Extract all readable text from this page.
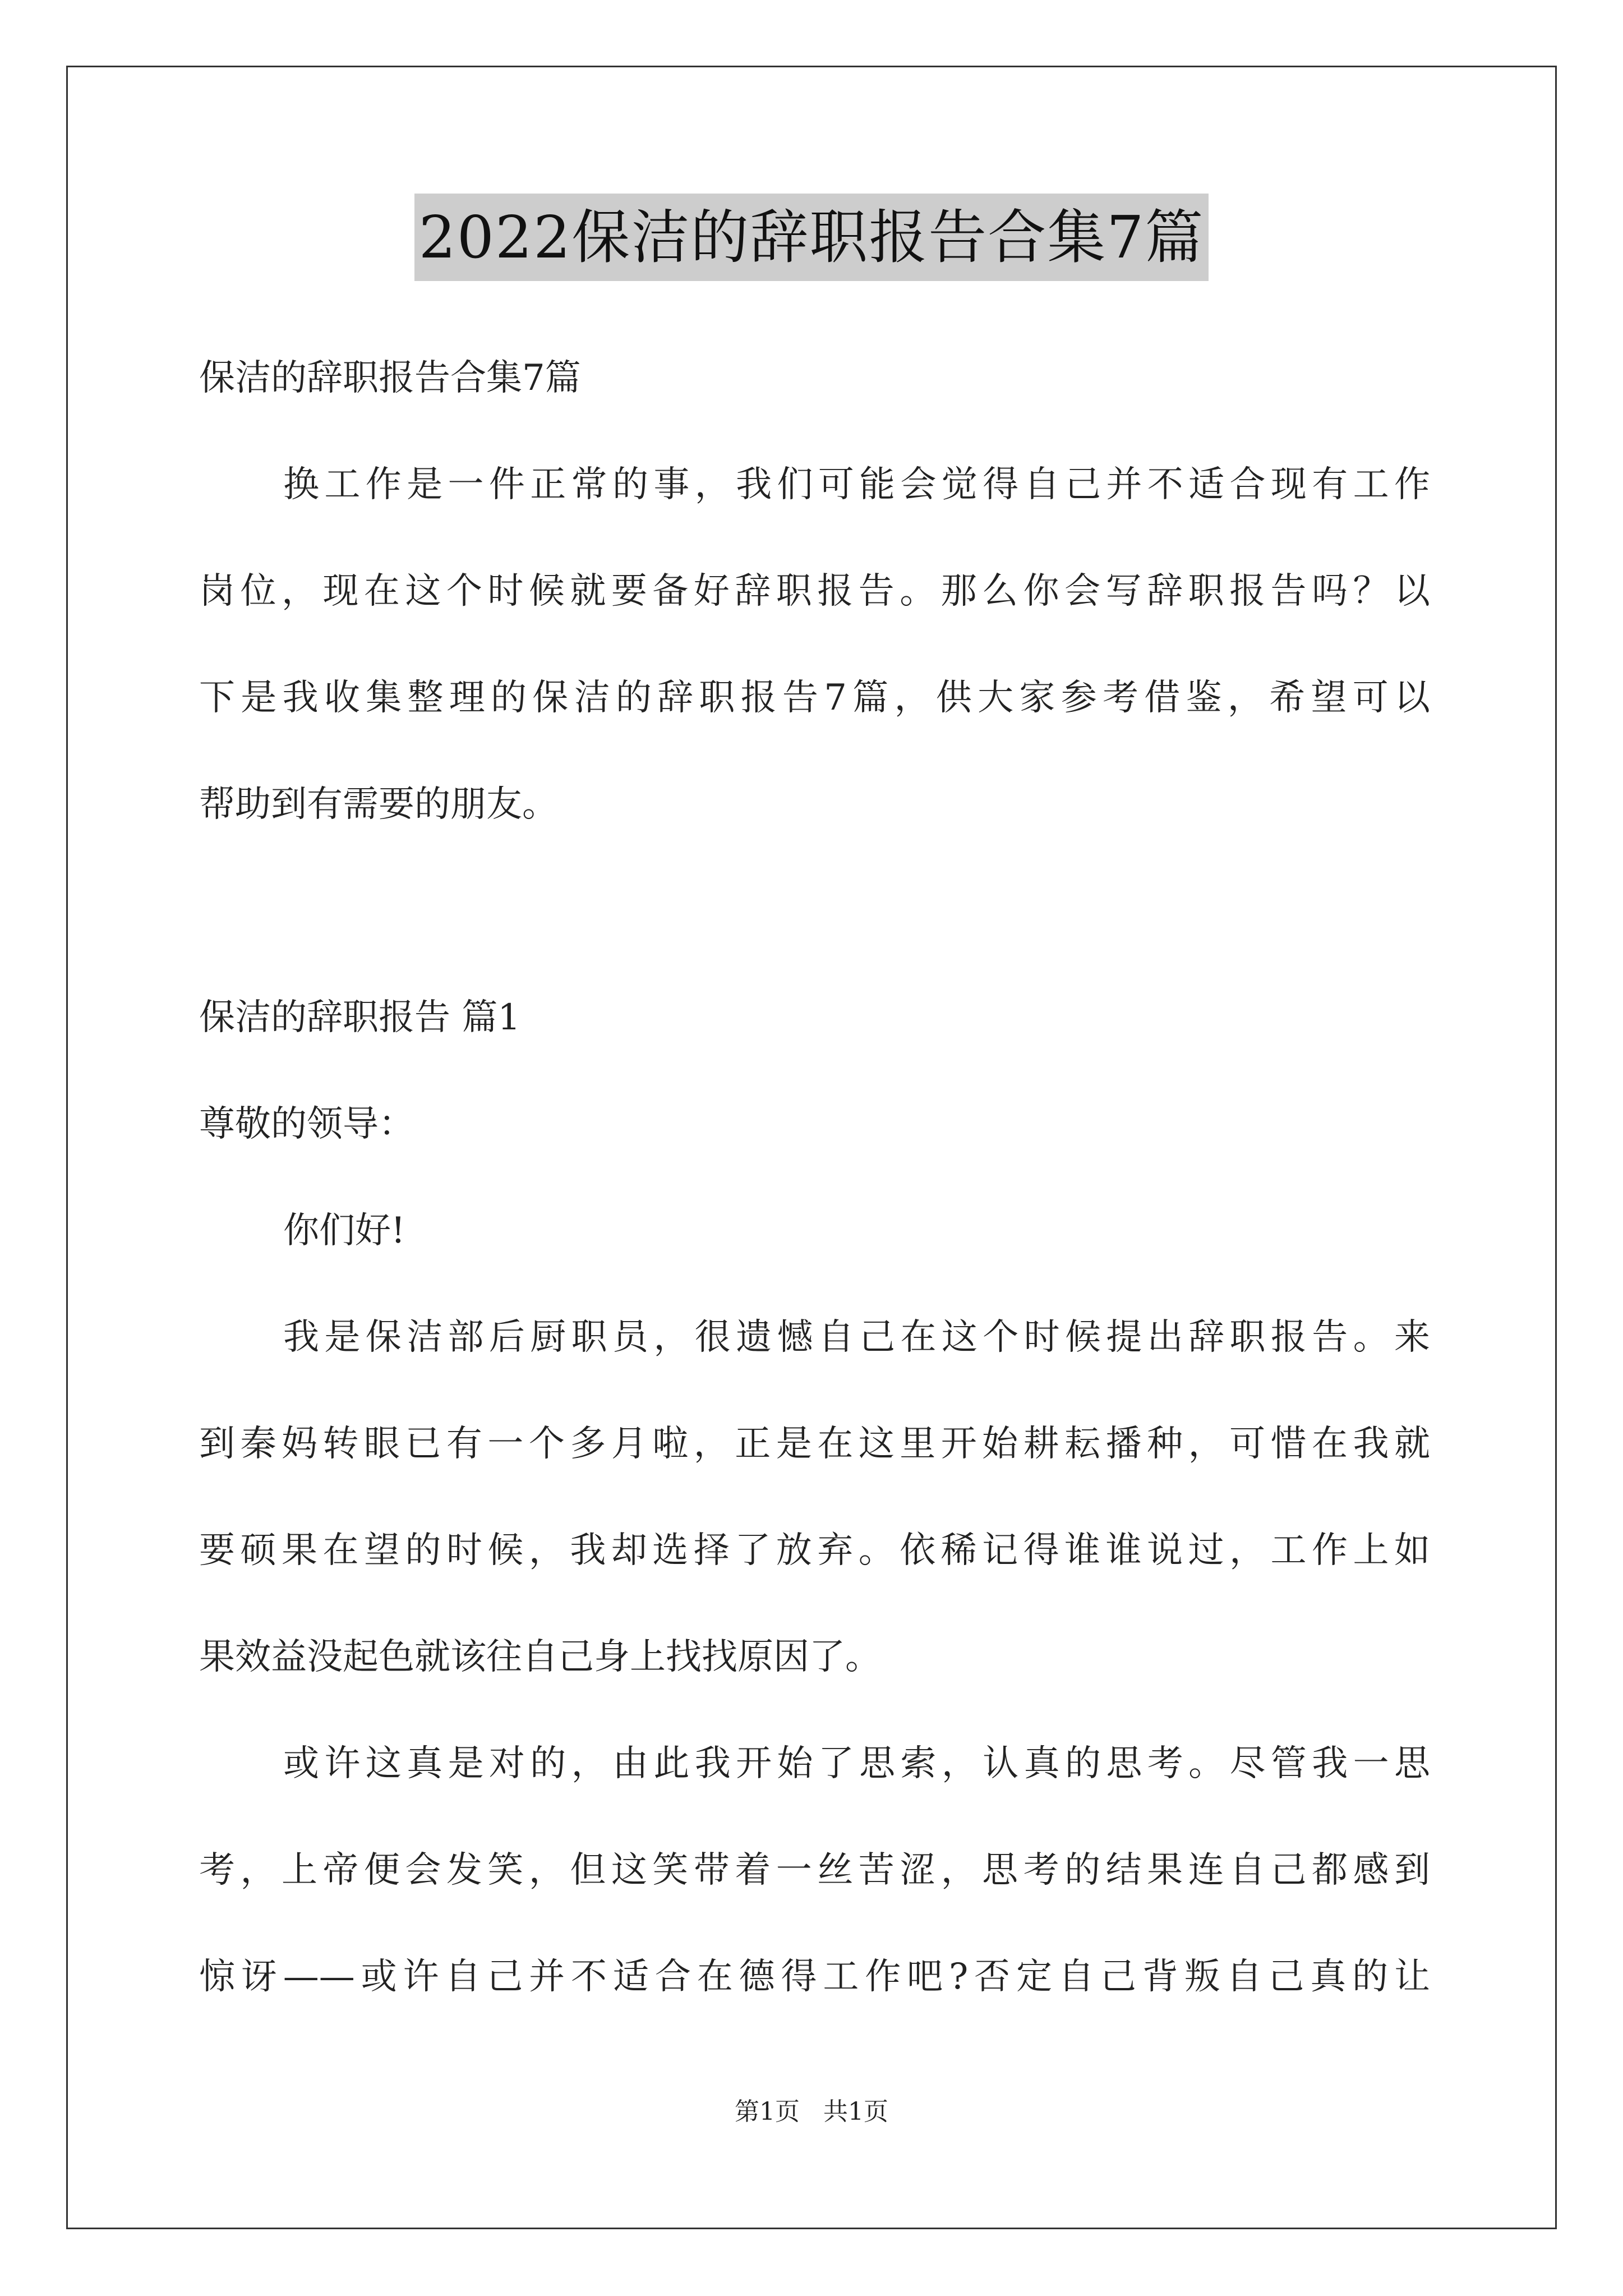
2022保洁的辞职报告合集7篇
保洁的辞职报告合集7篇
换工作是一件正常的事，我们可能会觉得自己并不适合现有工作
岗位，现在这个时候就要备好辞职报告。那么你会写辞职报告吗？以
下是我收集整理的保洁的辞职报告7篇，供大家参考借鉴，希望可以
帮助到有需要的朋友。
保洁的辞职报告 篇1
尊敬的领导：
你们好!
我是保洁部后厨职员，很遗憾自己在这个时候提出辞职报告。来
到秦妈转眼已有一个多月啦，正是在这里开始耕耘播种，可惜在我就
要硕果在望的时候，我却选择了放弃。依稀记得谁谁说过，工作上如
果效益没起色就该往自己身上找找原因了。
或许这真是对的，由此我开始了思索，认真的思考。尽管我一思
考，上帝便会发笑，但这笑带着一丝苦涩，思考的结果连自己都感到
惊讶——或许自己并不适合在德得工作吧?否定自己背叛自己真的让
第1页   共1页
